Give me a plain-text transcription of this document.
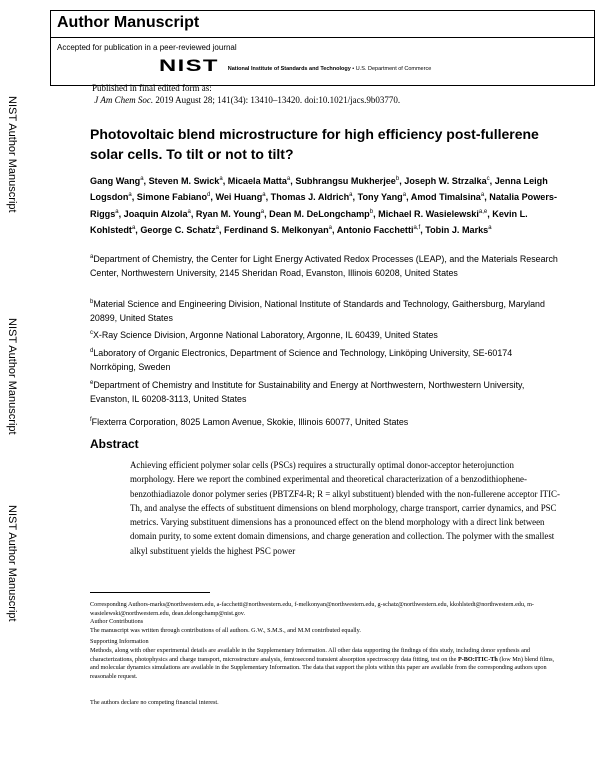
Author Manuscript
Accepted for publication in a peer-reviewed journal
NIST National Institute of Standards and Technology • U.S. Department of Commerce
NIST Author Manuscript
NIST Author Manuscript
NIST Author Manuscript
Published in final edited form as:
J Am Chem Soc. 2019 August 28; 141(34): 13410–13420. doi:10.1021/jacs.9b03770.
Photovoltaic blend microstructure for high efficiency post-fullerene solar cells. To tilt or not to tilt?
Gang Wang$^a$, Steven M. Swick$^a$, Micaela Matta$^a$, Subhrangsu Mukherjee$^b$, Joseph W. Strzalka$^c$, Jenna Leigh Logsdon$^a$, Simone Fabiano$^d$, Wei Huang$^a$, Thomas J. Aldrich$^a$, Tony Yang$^a$, Amod Timalsina$^a$, Natalia Powers-Riggs$^a$, Joaquin Alzola$^a$, Ryan M. Young$^a$, Dean M. DeLongchamp$^b$, Michael R. Wasielewski$^{a,e}$, Kevin L. Kohlstedt$^a$, George C. Schatz$^a$, Ferdinand S. Melkonyan$^a$, Antonio Facchetti$^{a,f}$, Tobin J. Marks$^a$
$^a$Department of Chemistry, the Center for Light Energy Activated Redox Processes (LEAP), and the Materials Research Center, Northwestern University, 2145 Sheridan Road, Evanston, Illinois 60208, United States
$^b$Material Science and Engineering Division, National Institute of Standards and Technology, Gaithersburg, Maryland 20899, United States
$^c$X-Ray Science Division, Argonne National Laboratory, Argonne, IL 60439, United States
$^d$Laboratory of Organic Electronics, Department of Science and Technology, Linköping University, SE-60174 Norrköping, Sweden
$^e$Department of Chemistry and Institute for Sustainability and Energy at Northwestern, Northwestern University, Evanston, IL 60208-3113, United States
$^f$Flexterra Corporation, 8025 Lamon Avenue, Skokie, Illinois 60077, United States
Abstract
Achieving efficient polymer solar cells (PSCs) requires a structurally optimal donor-acceptor heterojunction morphology. Here we report the combined experimental and theoretical characterization of a benzodithiophene-benzothiadiazole donor polymer series (PBTZF4-R; R = alkyl substituent) blended with the non-fullerene acceptor ITIC-Th, and analyse the effects of substituent dimensions on blend morphology, charge transport, carrier dynamics, and PSC metrics. Varying substituent dimensions has a pronounced effect on the blend morphology with a direct link between domain purity, to some extent domain dimensions, and charge generation and collection. The polymer with the smallest alkyl substituent yields the highest PSC power
Corresponding Authors-marks@northwestern.edu, a-facchetti@northwestern.edu, f-melkonyan@northwestern.edu, g-schatz@northwestern.edu, kkohlstedt@northwestern.edu, m-wasielewski@northwestern.edu, dean.delongchamp@nist.gov.
Author Contributions
The manuscript was written through contributions of all authors. G.W., S.M.S., and M.M contributed equally.
Supporting Information
Methods, along with other experimental details are available in the Supplementary Information. All other data supporting the findings of this study, including donor synthesis and characterizations, photophysics and charge transport, microstructure analysis, femtosecond transient absorption spectroscopy data fitting, test on the P-BO:ITIC-Th (low Mn) blend films, and molecular dynamics simulations are available in the Supplementary Information. The data that support the plots within this paper are available from the corresponding authors upon reasonable request.
The authors declare no competing financial interest.
